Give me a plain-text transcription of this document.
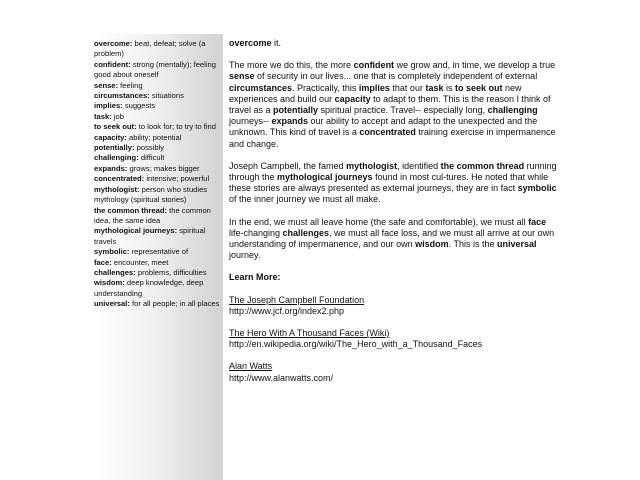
overcome: beat, defeat; solve (a problem)
confident: strong (mentally); feeling good about oneself
sense: feeling
circumstances: situations
implies: suggests
task: job
to seek out: to look for; to try to find
capacity: ability; potential
potentially: possibly
challenging: difficult
expands: grows; makes bigger
concentrated: intensive; powerful
mythologist: person who studies mythology (spiritual stories)
the common thread: the common idea, the same idea
mythological journeys: spiritual travels
symbolic: representative of
face: encounter, meet
challenges: problems, difficulties
wisdom: deep knowledge, deep understanding
universal: for all people; in all places

overcome it.

The more we do this, the more confident we grow and, in time, we develop a true sense of security in our lives... one that is completely independent of external circumstances. Practically, this implies that our task is to seek out new experiences and build our capacity to adapt to them. This is the reason I think of travel as a potentially spiritual practice. Travel-- especially long, challenging journeys-- expands our ability to accept and adapt to the unexpected and the unknown. This kind of travel is a concentrated training exercise in impermanence and change.

Joseph Campbell, the famed mythologist, identified the common thread running through the mythological journeys found in most cul-tures. He noted that while these stories are always presented as external journeys, they are in fact symbolic of the inner journey we must all make.

In the end, we must all leave home (the safe and comfortable), we must all face life-changing challenges, we must all face loss, and we must all arrive at our own understanding of impermanence, and our own wisdom. This is the universal journey.

Learn More:
The Joseph Campbell Foundation
http://www.jcf.org/index2.php
The Hero With A Thousand Faces (Wiki)
http://en.wikipedia.org/wiki/The_Hero_with_a_Thousand_Faces
Alan Watts
http://www.alanwatts.com/
